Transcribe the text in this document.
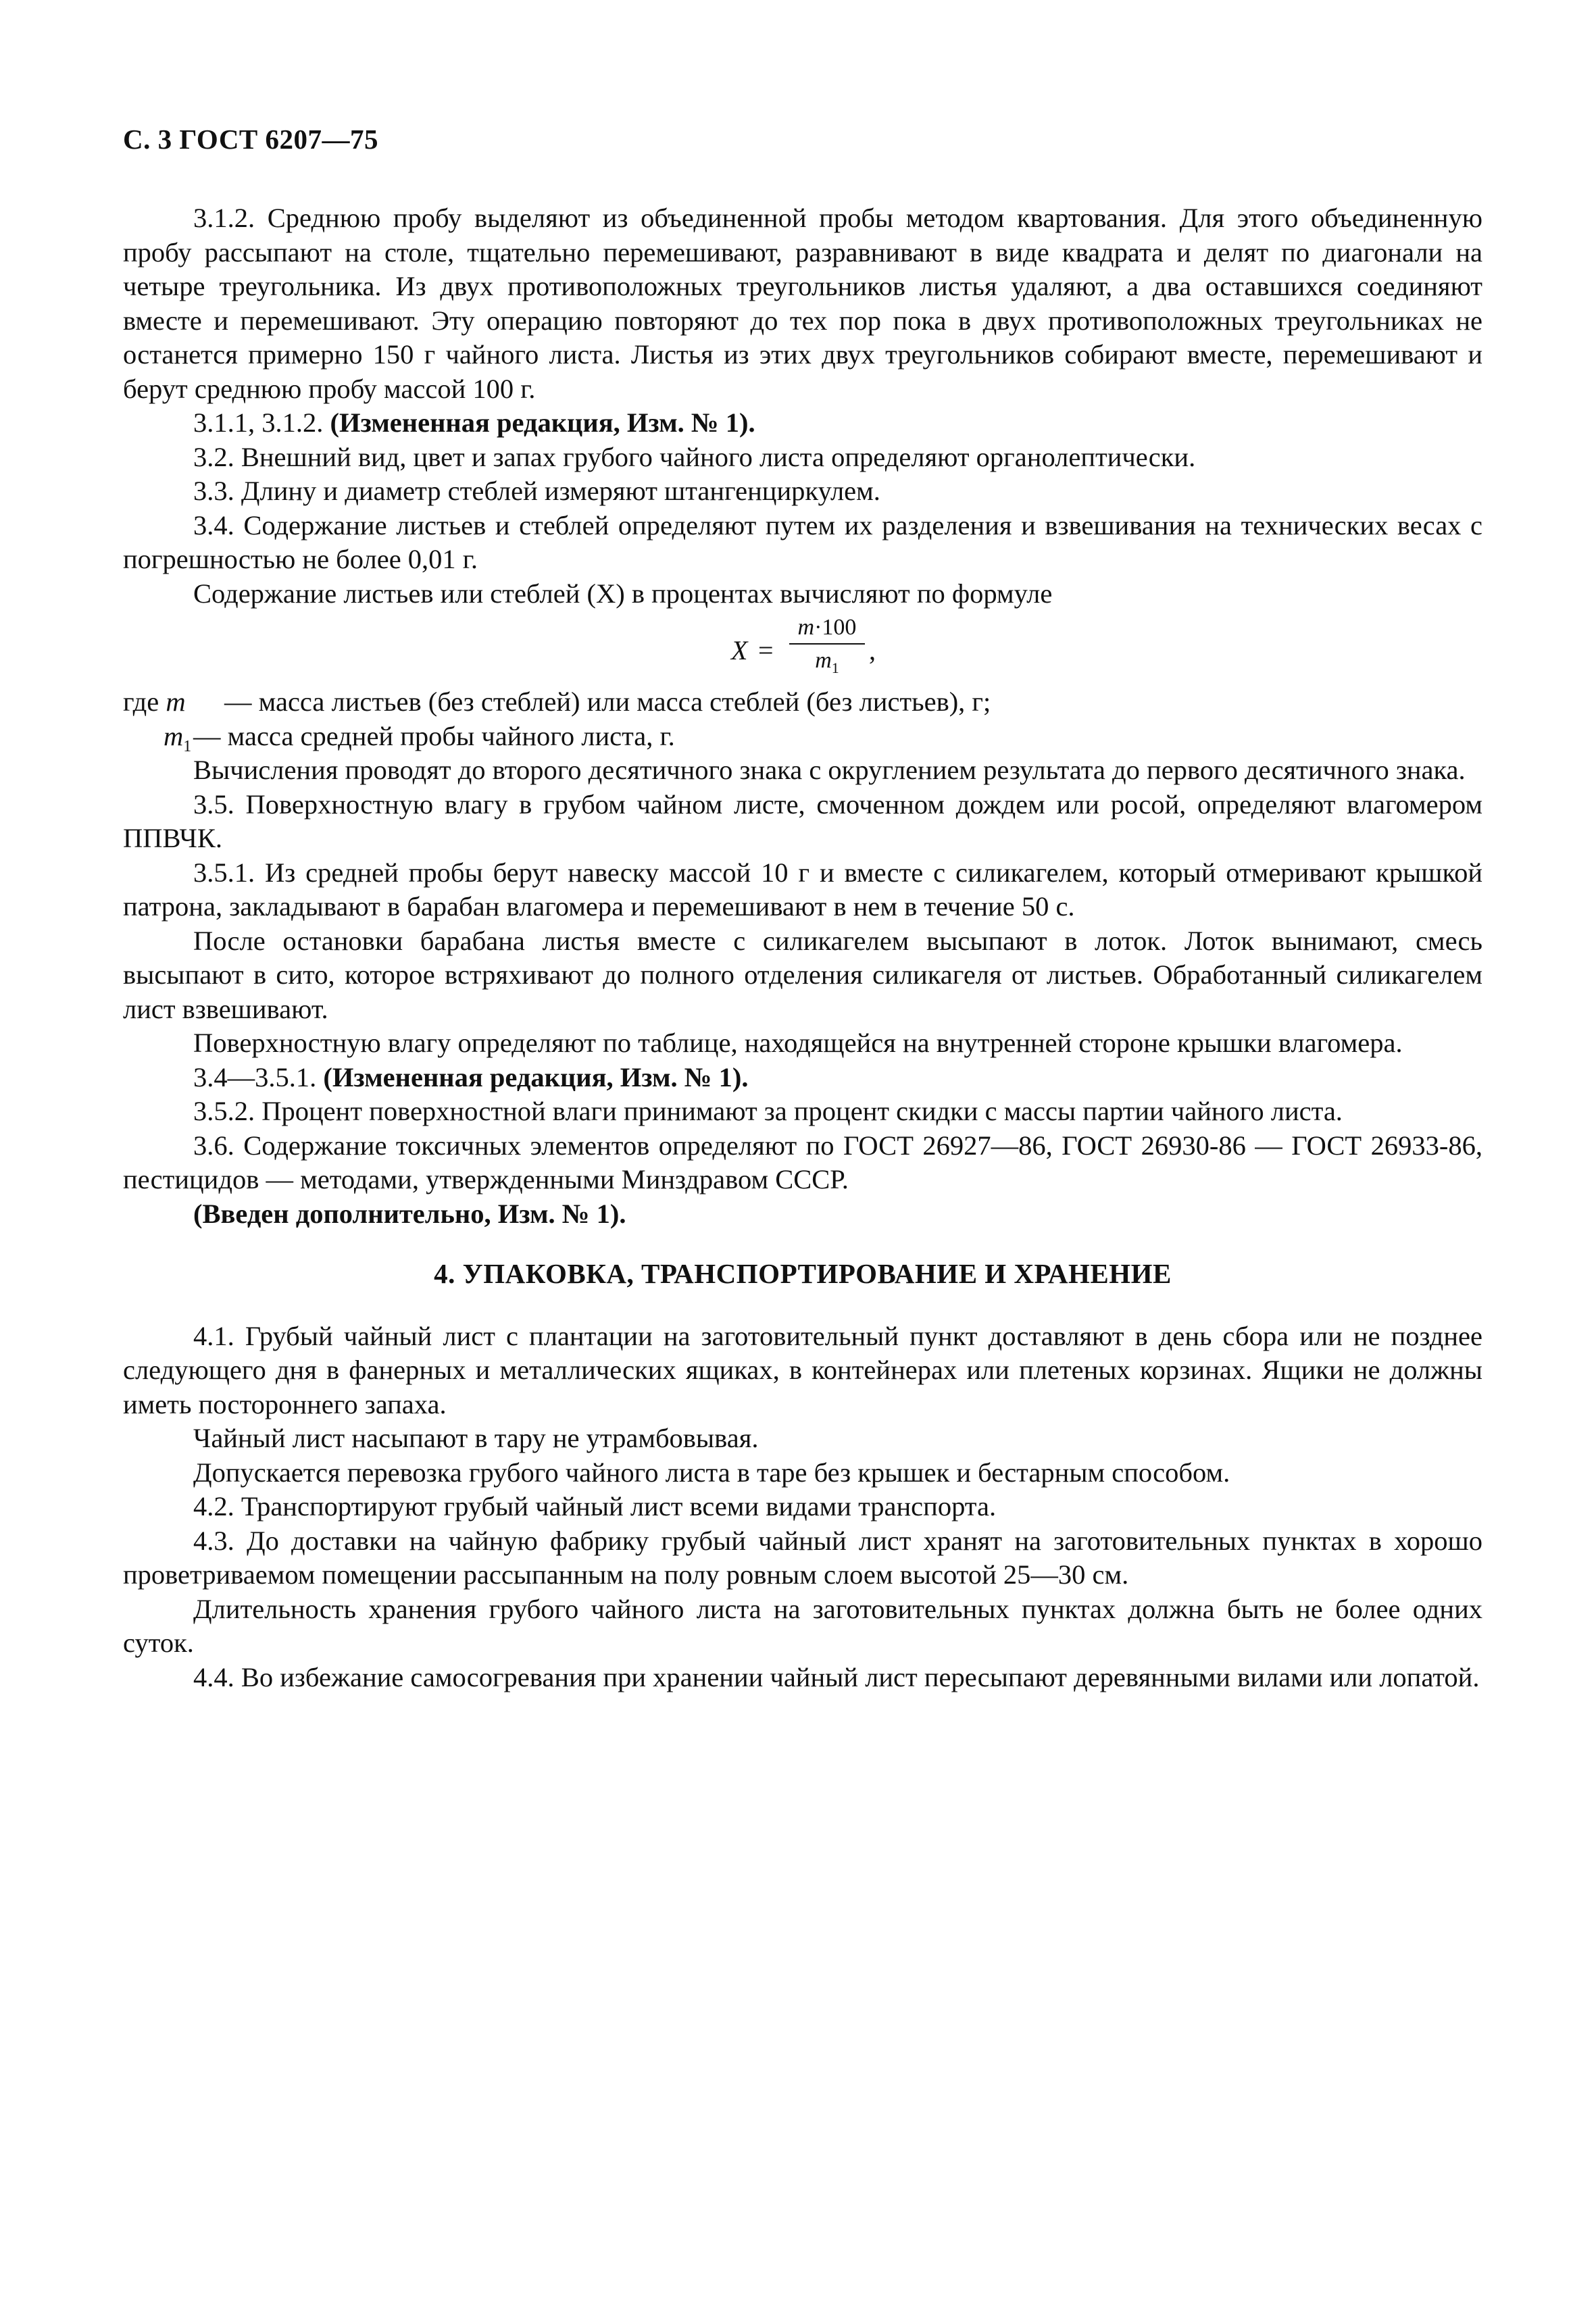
С. 3 ГОСТ 6207—75

3.1.2. Среднюю пробу выделяют из объединенной пробы методом квартования. Для этого объединенную пробу рассыпают на столе, тщательно перемешивают, разравнивают в виде квадрата и делят по диагонали на четыре треугольника. Из двух противоположных треугольников листья удаляют, а два оставшихся соединяют вместе и перемешивают. Эту операцию повторяют до тех пор пока в двух противоположных треугольниках не останется примерно 150 г чайного листа. Листья из этих двух треугольников собирают вместе, перемешивают и берут среднюю пробу массой 100 г.

3.1.1, 3.1.2. (Измененная редакция, Изм. № 1).

3.2. Внешний вид, цвет и запах грубого чайного листа определяют органолептически.

3.3. Длину и диаметр стеблей измеряют штангенциркулем.

3.4. Содержание листьев и стеблей определяют путем их разделения и взвешивания на технических весах с погрешностью не более 0,01 г.

Содержание листьев или стеблей (X) в процентах вычисляют по формуле

X =
m·100
$m_1$
,
где m — масса листьев (без стеблей) или масса стеблей (без листьев), г;
$m_1$ — масса средней пробы чайного листа, г.

Вычисления проводят до второго десятичного знака с округлением результата до первого десятичного знака.

3.5. Поверхностную влагу в грубом чайном листе, смоченном дождем или росой, определяют влагомером ППВЧК.

3.5.1. Из средней пробы берут навеску массой 10 г и вместе с силикагелем, который отмеривают крышкой патрона, закладывают в барабан влагомера и перемешивают в нем в течение 50 с.

После остановки барабана листья вместе с силикагелем высыпают в лоток. Лоток вынимают, смесь высыпают в сито, которое встряхивают до полного отделения силикагеля от листьев. Обработанный силикагелем лист взвешивают.

Поверхностную влагу определяют по таблице, находящейся на внутренней стороне крышки влагомера.

3.4—3.5.1. (Измененная редакция, Изм. № 1).

3.5.2. Процент поверхностной влаги принимают за процент скидки с массы партии чайного листа.

3.6. Содержание токсичных элементов определяют по ГОСТ 26927—86, ГОСТ 26930-86 — ГОСТ 26933-86, пестицидов — методами, утвержденными Минздравом СССР.

(Введен дополнительно, Изм. № 1).

4. УПАКОВКА, ТРАНСПОРТИРОВАНИЕ И ХРАНЕНИЕ

4.1. Грубый чайный лист с плантации на заготовительный пункт доставляют в день сбора или не позднее следующего дня в фанерных и металлических ящиках, в контейнерах или плетеных корзинах. Ящики не должны иметь постороннего запаха.

Чайный лист насыпают в тару не утрамбовывая.

Допускается перевозка грубого чайного листа в таре без крышек и бестарным способом.

4.2. Транспортируют грубый чайный лист всеми видами транспорта.

4.3. До доставки на чайную фабрику грубый чайный лист хранят на заготовительных пунктах в хорошо проветриваемом помещении рассыпанным на полу ровным слоем высотой 25—30 см.

Длительность хранения грубого чайного листа на заготовительных пунктах должна быть не более одних суток.

4.4. Во избежание самосогревания при хранении чайный лист пересыпают деревянными вилами или лопатой.
